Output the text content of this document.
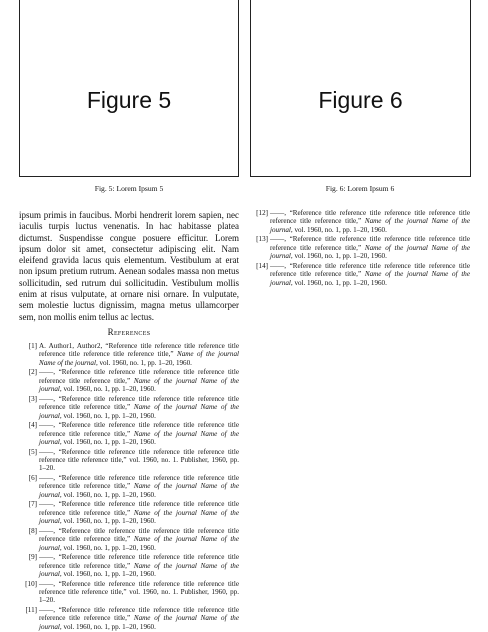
Figure 5	Figure 6
Fig. 5: Lorem Ipsum 5	Fig. 6: Lorem Ipsum 6

ipsum primis in faucibus. Morbi hendrerit lorem sapien, nec iaculis turpis luctus venenatis. In hac habitasse platea dictumst. Suspendisse congue posuere efficitur. Lorem ipsum dolor sit amet, consectetur adipiscing elit. Nam eleifend gravida lacus quis elementum. Vestibulum at erat non ipsum pretium rutrum. Aenean sodales massa non metus sollicitudin, sed rutrum dui sollicitudin. Vestibulum mollis enim at risus vulputate, at ornare nisi ornare. In vulputate, sem molestie luctus dignissim, magna metus ullamcorper sem, non mollis enim tellus ac lectus.

References
[1] A. Author1, Author2, “Reference title reference title reference title reference title reference title reference title,” Name of the journal Name of the journal, vol. 1960, no. 1, pp. 1–20, 1960.
[2] ——, “Reference title reference title reference title reference title reference title reference title,” Name of the journal Name of the journal, vol. 1960, no. 1, pp. 1–20, 1960.
[3] ——, “Reference title reference title reference title reference title reference title reference title,” Name of the journal Name of the journal, vol. 1960, no. 1, pp. 1–20, 1960.
[4] ——, “Reference title reference title reference title reference title reference title reference title,” Name of the journal Name of the journal, vol. 1960, no. 1, pp. 1–20, 1960.
[5] ——, “Reference title reference title reference title reference title reference title reference title,” vol. 1960, no. 1. Publisher, 1960, pp. 1–20.
[6] ——, “Reference title reference title reference title reference title reference title reference title,” Name of the journal Name of the journal, vol. 1960, no. 1, pp. 1–20, 1960.
[7] ——, “Reference title reference title reference title reference title reference title reference title,” Name of the journal Name of the journal, vol. 1960, no. 1, pp. 1–20, 1960.
[8] ——, “Reference title reference title reference title reference title reference title reference title,” Name of the journal Name of the journal, vol. 1960, no. 1, pp. 1–20, 1960.
[9] ——, “Reference title reference title reference title reference title reference title reference title,” Name of the journal Name of the journal, vol. 1960, no. 1, pp. 1–20, 1960.
[10] ——, “Reference title reference title reference title reference title reference title reference title,” vol. 1960, no. 1. Publisher, 1960, pp. 1–20.
[11] ——, “Reference title reference title reference title reference title reference title reference title,” Name of the journal Name of the journal, vol. 1960, no. 1, pp. 1–20, 1960.
[12] ——, “Reference title reference title reference title reference title reference title reference title,” Name of the journal Name of the journal, vol. 1960, no. 1, pp. 1–20, 1960.
[13] ——, “Reference title reference title reference title reference title reference title reference title,” Name of the journal Name of the journal, vol. 1960, no. 1, pp. 1–20, 1960.
[14] ——, “Reference title reference title reference title reference title reference title reference title,” Name of the journal Name of the journal, vol. 1960, no. 1, pp. 1–20, 1960.
